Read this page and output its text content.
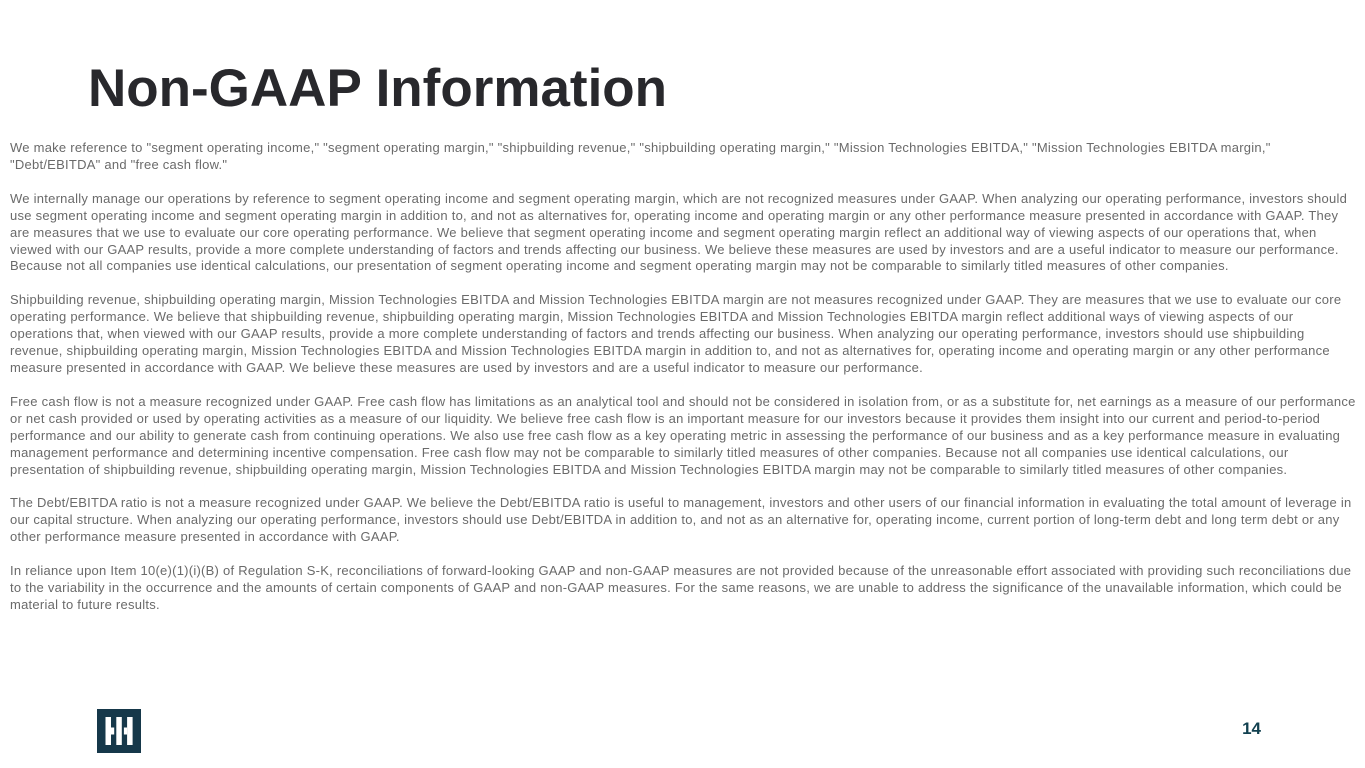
Non-GAAP Information

We make reference to "segment operating income," "segment operating margin," "shipbuilding revenue," "shipbuilding operating margin," "Mission Technologies EBITDA," "Mission Technologies EBITDA margin," "Debt/EBITDA" and "free cash flow."

We internally manage our operations by reference to segment operating income and segment operating margin, which are not recognized measures under GAAP. When analyzing our operating performance, investors should use segment operating income and segment operating margin in addition to, and not as alternatives for, operating income and operating margin or any other performance measure presented in accordance with GAAP. They are measures that we use to evaluate our core operating performance. We believe that segment operating income and segment operating margin reflect an additional way of viewing aspects of our operations that, when viewed with our GAAP results, provide a more complete understanding of factors and trends affecting our business. We believe these measures are used by investors and are a useful indicator to measure our performance. Because not all companies use identical calculations, our presentation of segment operating income and segment operating margin may not be comparable to similarly titled measures of other companies.

Shipbuilding revenue, shipbuilding operating margin, Mission Technologies EBITDA and Mission Technologies EBITDA margin are not measures recognized under GAAP. They are measures that we use to evaluate our core operating performance. We believe that shipbuilding revenue, shipbuilding operating margin, Mission Technologies EBITDA and Mission Technologies EBITDA margin reflect additional ways of viewing aspects of our operations that, when viewed with our GAAP results, provide a more complete understanding of factors and trends affecting our business. When analyzing our operating performance, investors should use shipbuilding revenue, shipbuilding operating margin, Mission Technologies EBITDA and Mission Technologies EBITDA margin in addition to, and not as alternatives for, operating income and operating margin or any other performance measure presented in accordance with GAAP. We believe these measures are used by investors and are a useful indicator to measure our performance.

Free cash flow is not a measure recognized under GAAP. Free cash flow has limitations as an analytical tool and should not be considered in isolation from, or as a substitute for, net earnings as a measure of our performance or net cash provided or used by operating activities as a measure of our liquidity. We believe free cash flow is an important measure for our investors because it provides them insight into our current and period-to-period performance and our ability to generate cash from continuing operations. We also use free cash flow as a key operating metric in assessing the performance of our business and as a key performance measure in evaluating management performance and determining incentive compensation. Free cash flow may not be comparable to similarly titled measures of other companies. Because not all companies use identical calculations, our presentation of shipbuilding revenue, shipbuilding operating margin, Mission Technologies EBITDA and Mission Technologies EBITDA margin may not be comparable to similarly titled measures of other companies.

The Debt/EBITDA ratio is not a measure recognized under GAAP. We believe the Debt/EBITDA ratio is useful to management, investors and other users of our financial information in evaluating the total amount of leverage in our capital structure. When analyzing our operating performance, investors should use Debt/EBITDA in addition to, and not as an alternative for, operating income, current portion of long-term debt and long term debt or any other performance measure presented in accordance with GAAP.

In reliance upon Item 10(e)(1)(i)(B) of Regulation S-K, reconciliations of forward-looking GAAP and non-GAAP measures are not provided because of the unreasonable effort associated with providing such reconciliations due to the variability in the occurrence and the amounts of certain components of GAAP and non-GAAP measures. For the same reasons, we are unable to address the significance of the unavailable information, which could be material to future results.

14
